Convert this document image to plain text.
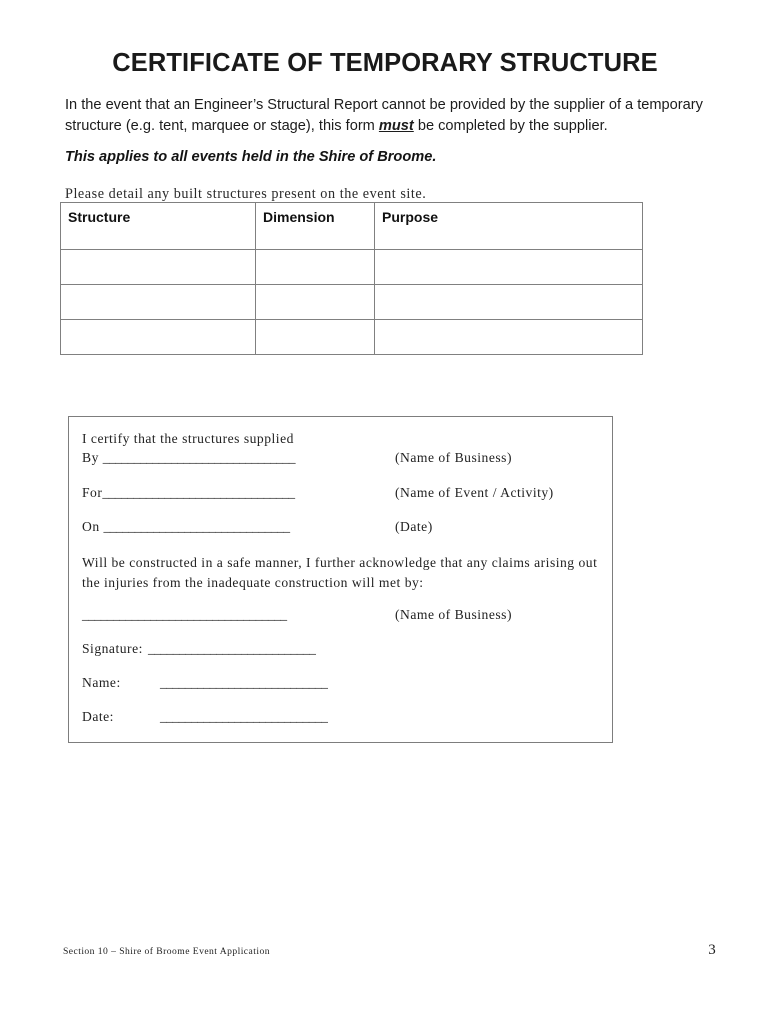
CERTIFICATE OF TEMPORARY STRUCTURE

In the event that an Engineer’s Structural Report cannot be provided by the supplier of a temporary structure (e.g. tent, marquee or stage), this form must be completed by the supplier.

This applies to all events held in the Shire of Broome.

Please detail any built structures present on the event site.

Structure	Dimension	Purpose

I certify that the structures supplied
By _______________________________	(Name of Business)
For_______________________________	(Name of Event / Activity)
On ______________________________	(Date)
Will be constructed in a safe manner, I further acknowledge that any claims arising out the injuries from the inadequate construction will met by:
_________________________________	(Name of Business)
Signature: ___________________________
Name:	___________________________
Date:	___________________________
Section 10 – Shire of Broome Event Application	3
